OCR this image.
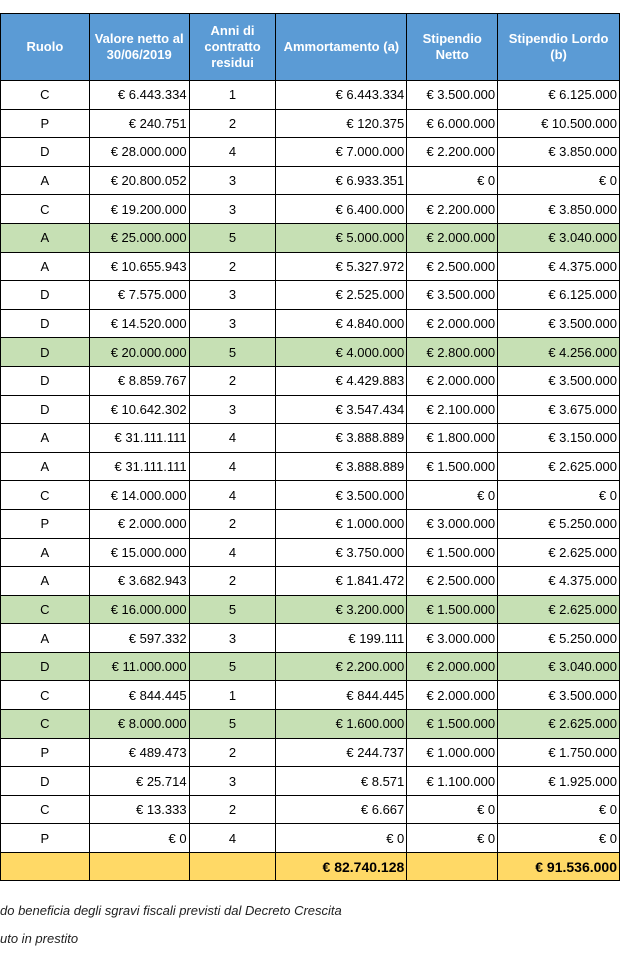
Ruolo	Valore netto al 30/06/2019	Anni di contratto residui	Ammortamento (a)	Stipendio Netto	Stipendio Lordo (b)
C	€ 6.443.334	1	€ 6.443.334	€ 3.500.000	€ 6.125.000
P	€ 240.751	2	€ 120.375	€ 6.000.000	€ 10.500.000
D	€ 28.000.000	4	€ 7.000.000	€ 2.200.000	€ 3.850.000
A	€ 20.800.052	3	€ 6.933.351	€ 0	€ 0
C	€ 19.200.000	3	€ 6.400.000	€ 2.200.000	€ 3.850.000
A	€ 25.000.000	5	€ 5.000.000	€ 2.000.000	€ 3.040.000
A	€ 10.655.943	2	€ 5.327.972	€ 2.500.000	€ 4.375.000
D	€ 7.575.000	3	€ 2.525.000	€ 3.500.000	€ 6.125.000
D	€ 14.520.000	3	€ 4.840.000	€ 2.000.000	€ 3.500.000
D	€ 20.000.000	5	€ 4.000.000	€ 2.800.000	€ 4.256.000
D	€ 8.859.767	2	€ 4.429.883	€ 2.000.000	€ 3.500.000
D	€ 10.642.302	3	€ 3.547.434	€ 2.100.000	€ 3.675.000
A	€ 31.111.111	4	€ 3.888.889	€ 1.800.000	€ 3.150.000
A	€ 31.111.111	4	€ 3.888.889	€ 1.500.000	€ 2.625.000
C	€ 14.000.000	4	€ 3.500.000	€ 0	€ 0
P	€ 2.000.000	2	€ 1.000.000	€ 3.000.000	€ 5.250.000
A	€ 15.000.000	4	€ 3.750.000	€ 1.500.000	€ 2.625.000
A	€ 3.682.943	2	€ 1.841.472	€ 2.500.000	€ 4.375.000
C	€ 16.000.000	5	€ 3.200.000	€ 1.500.000	€ 2.625.000
A	€ 597.332	3	€ 199.111	€ 3.000.000	€ 5.250.000
D	€ 11.000.000	5	€ 2.200.000	€ 2.000.000	€ 3.040.000
C	€ 844.445	1	€ 844.445	€ 2.000.000	€ 3.500.000
C	€ 8.000.000	5	€ 1.600.000	€ 1.500.000	€ 2.625.000
P	€ 489.473	2	€ 244.737	€ 1.000.000	€ 1.750.000
D	€ 25.714	3	€ 8.571	€ 1.100.000	€ 1.925.000
C	€ 13.333	2	€ 6.667	€ 0	€ 0
P	€ 0	4	€ 0	€ 0	€ 0
			€ 82.740.128		€ 91.536.000
do beneficia degli sgravi fiscali previsti dal Decreto Crescita
uto in prestito
